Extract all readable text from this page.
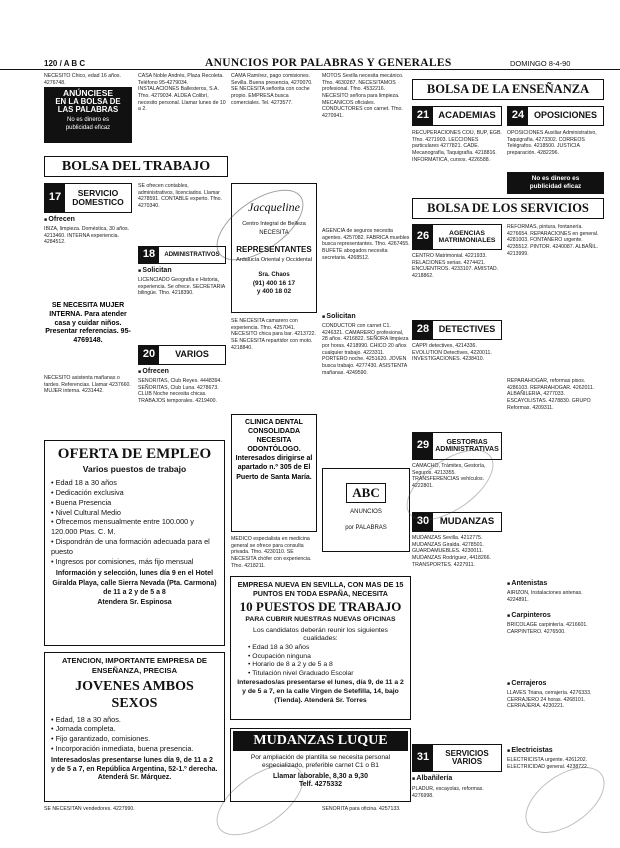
120 / A B C	ANUNCIOS POR PALABRAS Y GENERALES	DOMINGO 8-4-90
NECESITO Chico, edad 16 años. 4276748.
ANÚNCIESE
EN LA BOLSA DE
LAS PALABRAS
No es dinero es
publicidad eficaz
CASA Noble Andrés, Plaza Recoleta. Teléfono 95-4279034. INSTALACIONES Ballesteros, S.A. Tfno. 4279034. ALDEA Colibrí, necesito personal. Llamar lunes de 10 a 2.
CAMA Ramírez, pago comisiones. Sevilla. Buena presencia, 4270070. SE NECESITA señorita con coche propio. EMPRESA busca comerciales. Tel. 4273577.
MOTOS Sevilla necesita mecánico. Tfno. 4630287. NECESITAMOS profesional. Tfno. 4532216. NECESITO señora para limpieza. MECANICOS oficiales. CONDUCTORES con carnet. Tfno. 4270941.
BOLSA DEL TRABAJO
17	SERVICIO DOMESTICO
■ Ofrecen
IBIZA, limpieza. Doméstica, 30 años. 4213460. INTERNA experiencia. 4284512.
SE NECESITA MUJER INTERNA. Para atender casa y cuidar niños. Presentar referencias. 95-4769148.
NECESITO asistenta mañanas o tardes. Referencias. Llamar 4237660. MUJER interna. 4231442.
SE ofrecen contables, administrativos, licenciados. Llamar 4278591. CONTABLE experto. Tfno. 4270340.
18	ADMINISTRATIVOS
■ Solicitan
LICENCIADO Geografía e Historia, experiencia. Se ofrece. SECRETARIA bilingüe. Tfno. 4218390.
20	VARIOS
■ Ofrecen
SEÑORITAS, Club Reyes. 4448394. SEÑORITAS, Club Luna. 4278673. CLUB Noche necesita chicas. TRABAJOS temporales. 4219400.
Jacqueline
Centro Integral de Belleza
NECESITA
REPRESENTANTES
Ardalucía Oriental y Occidental
Sra. Chaos
(91) 400 16 17
y 400 18 02
SE NECESITA camarero con experiencia. Tfno. 4257041. NECESITO chica para bar. 4213722. SE NECESITA repartidor con moto. 4218840.
AGENCIA de seguros necesita agentes. 4257082. FABRICA muebles busca representantes. Tfno. 4267455. BUFETE abogados necesita secretaria. 4268512.
■ Solicitan
CONDUCTOR con carnet C1. 4246321. CAMARERO profesional, 28 años. 4216822. SEÑORA limpieza por horas. 4218990. CHICO 20 años cualquier trabajo. 4223311. PORTERO noche. 4251620. JOVEN busca trabajo. 4277430. ASISTENTA mañanas. 4249590.
CLINICA DENTAL CONSOLIDADA NECESITA ODONTÓLOGO. Interesados dirigirse al apartado n.º 305 de El Puerto de Santa María.
MÉDICO especialista en medicina general se ofrece para consulta privada. Tfno. 4230110. SE NECESITA chófer con experiencia. Tfno. 4218211.
ABC
ANUNCIOS
por PALABRAS
OFERTA DE EMPLEO
Varios puestos de trabajo

• Edad 18 a 30 años

• Dedicación exclusiva

• Buena Presencia

• Nivel Cultural Medio

• Ofrecemos mensualmente entre 100.000 y 120.000 Ptas. C. M.

• Dispondrán de una formación adecuada para el puesto

• Ingresos por comisiones, más fijo mensual

Información y selección, lunes día 9 en el Hotel Giralda Playa, calle Sierra Nevada (Pta. Carmona) de 11 a 2 y de 5 a 8
Atendera Sr. Espinosa
ATENCION, IMPORTANTE EMPRESA DE ENSEÑANZA, PRECISA
JOVENES AMBOS SEXOS

• Edad, 18 a 30 años.

• Jornada completa.

• Fijo garantizado, comisiones.

• Incorporación inmediata, buena presencia.

Interesados/as presentarse lunes día 9, de 11 a 2 y de 5 a 7, en República Argentina, 52-1.º derecha.
Atenderá Sr. Márquez.
EMPRESA NUEVA EN SEVILLA, CON MAS DE 15 PUNTOS EN TODA ESPAÑA, NECESITA
10 PUESTOS DE TRABAJO
PARA CUBRIR NUESTRAS NUEVAS OFICINAS
Los candidatos deberán reunir los siguientes cualidades:

• Edad 18 a 30 años

• Ocupación ninguna

• Horario de 8 a 2 y de 5 a 8

• Titulación nivel Graduado Escolar

Interesados/as presentarse el lunes, día 9, de 11 a 2 y de 5 a 7, en la calle Virgen de Setefilla, 14, bajo (Tienda). Atenderá Sr. Torres
MUDANZAS LUQUE
Por ampliación de plantilla se necesita personal especializado, preferible carnet C1 o B1
Llamar laborable, 8,30 a 9,30
Telf. 4275332
BOLSA DE LA ENSEÑANZA
21 ACADEMIAS	24	OPOSICIONES
RECUPERACIONES COU, BUP, EGB. Tfno. 4271903. LECCIONES particulares 4277821. CADE. Mecanografía, Taquigrafía. 4218816. INFORMATICA, cursos. 4226588.
OPOSICIONES Auxiliar Administrativo, Taquigrafía. 4273302. CORREOS Telégrafos. 4218500. JUSTICIA preparación. 4282296.
No es dinero es
publicidad eficaz
BOLSA DE LOS SERVICIOS
26	AGENCIAS MATRIMONIALES
CENTRO Matrimonial. 4221933. RELACIONES serias. 4274421. ENCUENTROS. 4233107. AMISTAD. 4218862.
28	DETECTIVES
CAPPI detectives, 4214336. EVOLUTION Detectives, 4220011. INVESTIGACIONES. 4238410.
29	GESTORIAS ADMINISTRATIVAS
CAMACHO, Trámites, Gestoría, Seguros. 4213355. TRANSFERENCIAS vehículos. 4222801.
30	MUDANZAS
MUDANZAS Sevilla. 4212775. MUDANZAS Giralda. 4278501. GUARDAMUEBLES. 4230011. MUDANZAS Rodríguez, 4418266. TRANSPORTES. 4227911.
31	SERVICIOS VARIOS
■ Albañilería
PLADUR, escayolas, reformas. 4276998.
REFORMAS, pintura, fontanería. 4276654. REPARACIONES en general. 4281003. FONTANERO urgente. 4235512. PINTOR. 4240087. ALBAÑIL. 4213999.
REPARAHOGAR, reformas pisos. 4286103. REPARAHOGAR. 4262011. ALBAÑILERIA, 4277033. ESCAYOLISTAS. 4278830. GRUPO Reformas. 4209311.
■ Antenistas
AIRIZON, Instalaciones antenas. 4224891.
■ Carpinteros
BRICOLAGE carpintería. 4216601. CARPINTERO. 4276500.
■ Cerrajeros
LLAVES Triana, cerrajería. 4276333. CERRAJERO 24 horas. 4268101. CERRAJERIA. 4230221.
■ Electricistas
ELECTRICISTA urgente. 4261202. ELECTRICIDAD general. 4238722.
SE NECESITAN vendedores. 4227990.	SEÑORITA para oficina. 4257133.
